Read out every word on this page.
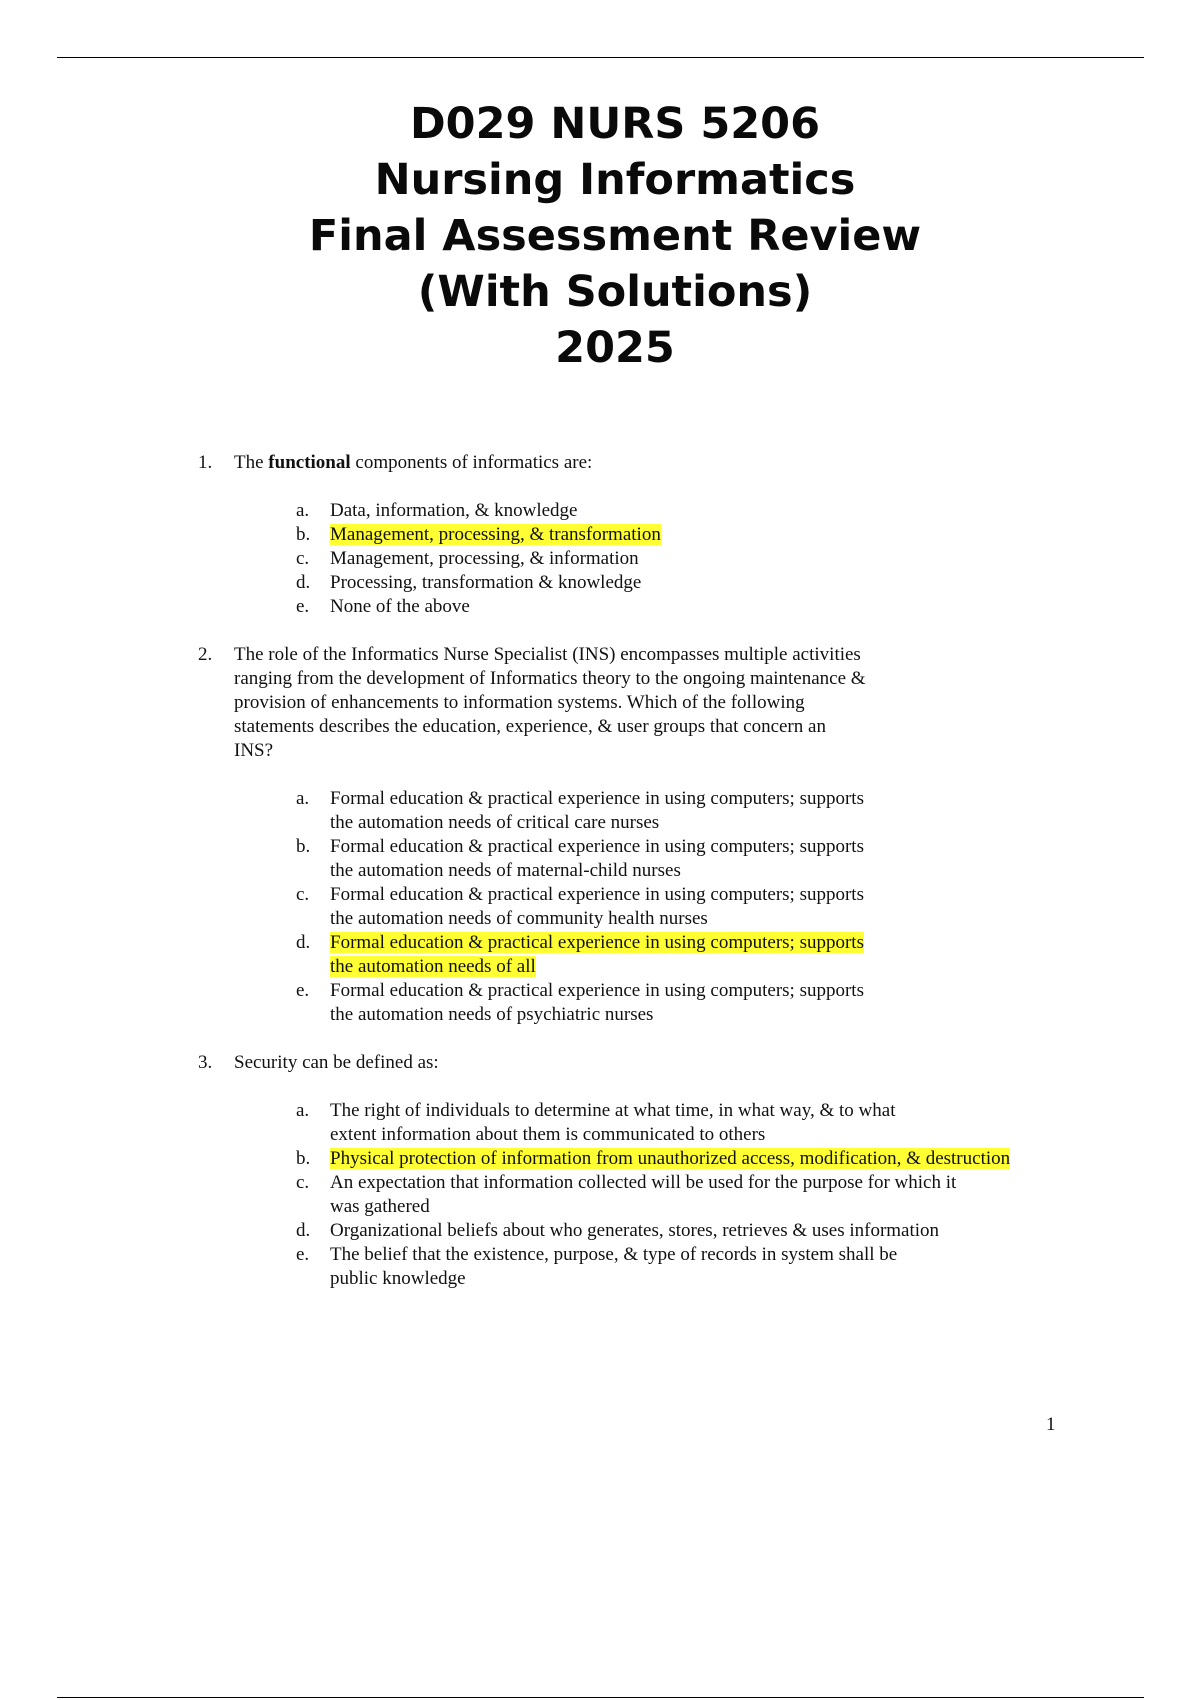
D029 NURS 5206
Nursing Informatics
Final Assessment Review
(With Solutions)
2025
1. The functional components of informatics are:
a. Data, information, & knowledge
b. Management, processing, & transformation
c. Management, processing, & information
d. Processing, transformation & knowledge
e. None of the above
2. The role of the Informatics Nurse Specialist (INS) encompasses multiple activities
ranging from the development of Informatics theory to the ongoing maintenance &
provision of enhancements to information systems. Which of the following
statements describes the education, experience, & user groups that concern an
INS?
a. Formal education & practical experience in using computers; supports
the automation needs of critical care nurses
b. Formal education & practical experience in using computers; supports
the automation needs of maternal-child nurses
c. Formal education & practical experience in using computers; supports
the automation needs of community health nurses
d. Formal education & practical experience in using computers; supports
the automation needs of all
e. Formal education & practical experience in using computers; supports
the automation needs of psychiatric nurses
3. Security can be defined as:
a. The right of individuals to determine at what time, in what way, & to what
extent information about them is communicated to others
b. Physical protection of information from unauthorized access, modification, & destruction
c. An expectation that information collected will be used for the purpose for which it
was gathered
d. Organizational beliefs about who generates, stores, retrieves & uses information
e. The belief that the existence, purpose, & type of records in system shall be
public knowledge
1
